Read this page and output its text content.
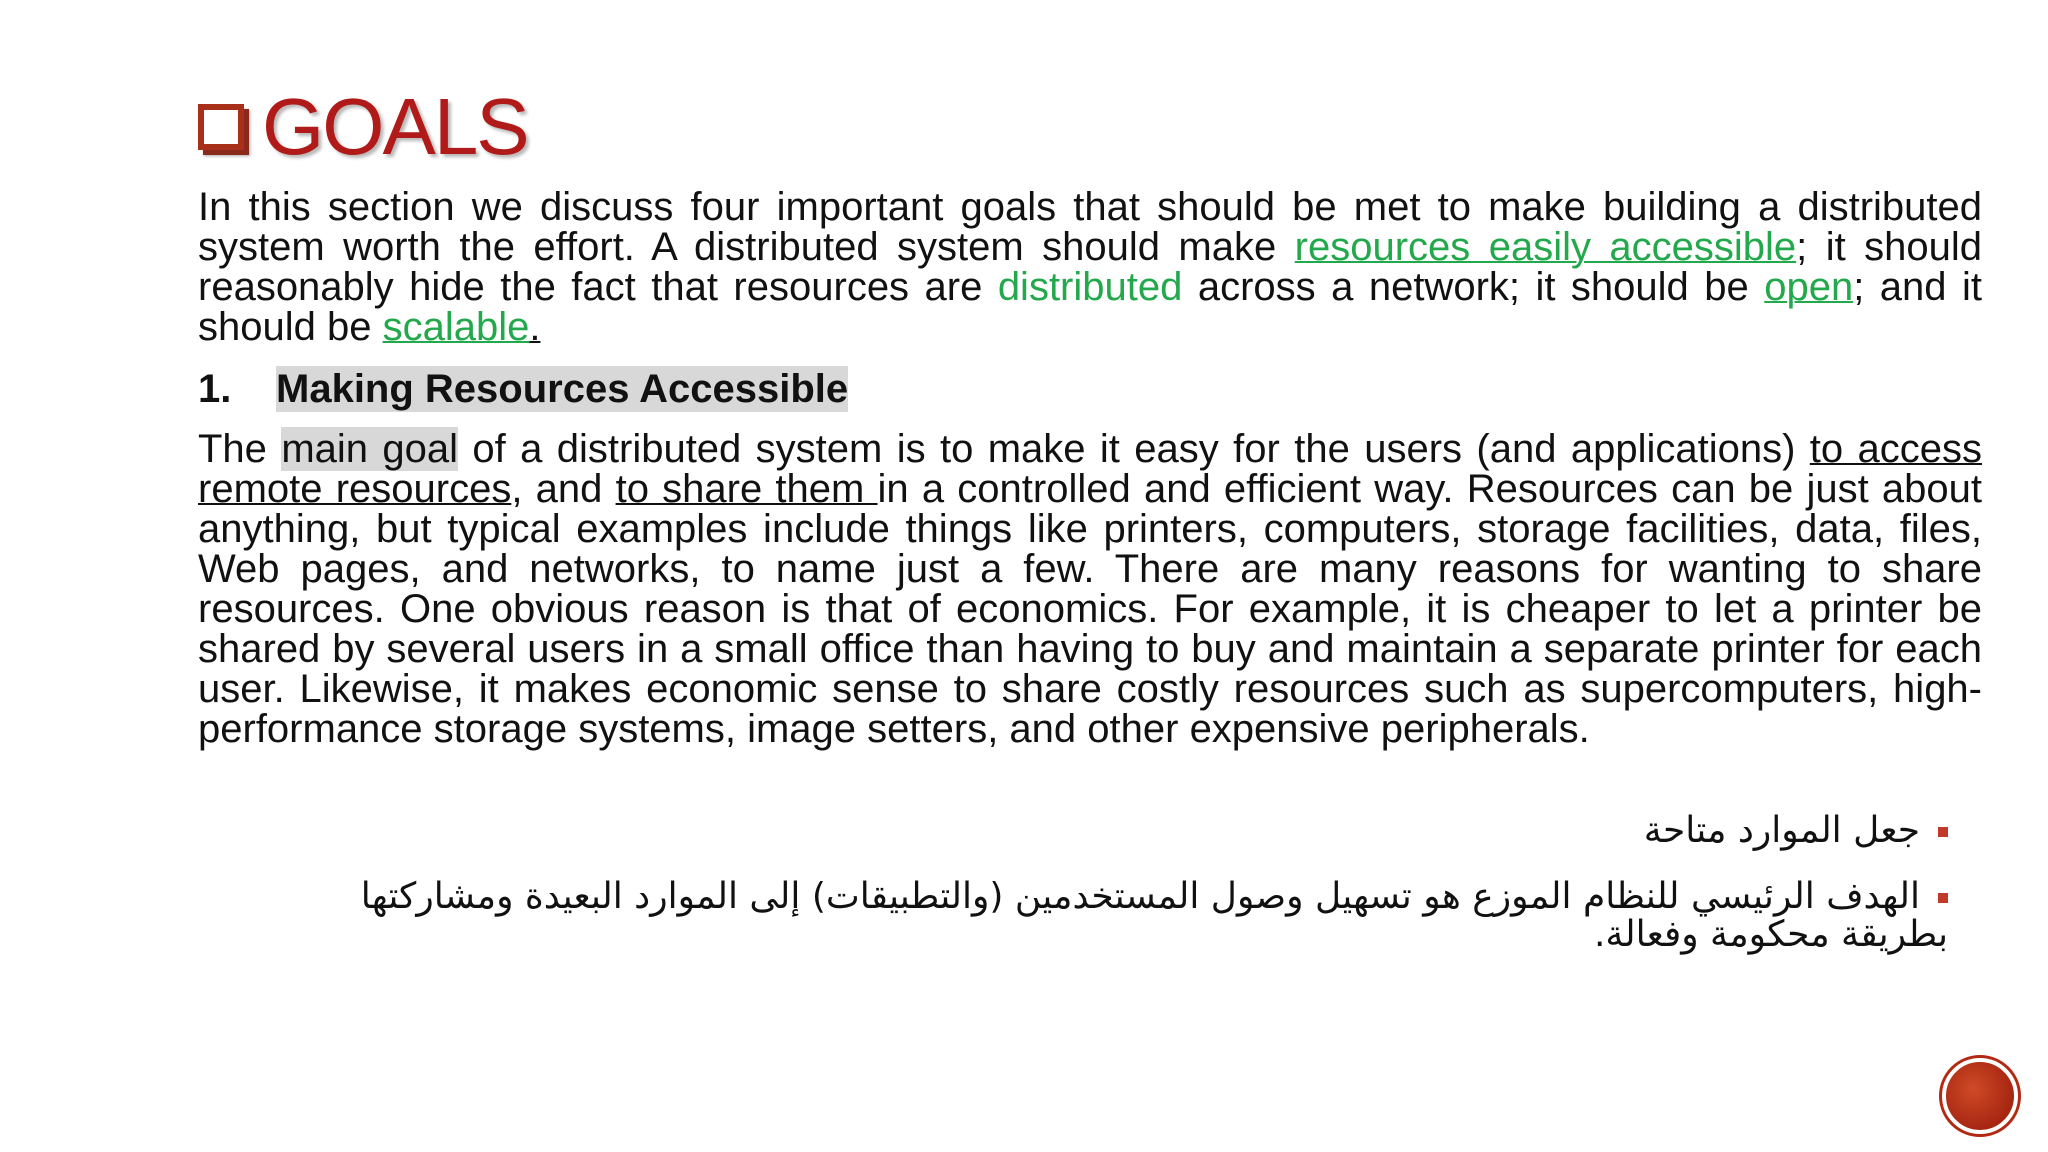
GOALS
In this section we discuss four important goals that should be met to make building a distributed system worth the effort. A distributed system should make resources easily accessible; it should reasonably hide the fact that resources are distributed across a network; it should be open; and it should be scalable.
1.	Making Resources Accessible
The main goal of a distributed system is to make it easy for the users (and applications) to access remote resources, and to share them in a controlled and efficient way. Resources can be just about anything, but typical examples include things like printers, computers, storage facilities, data, files, Web pages, and networks, to name just a few. There are many reasons for wanting to share resources. One obvious reason is that of economics. For example, it is cheaper to let a printer be shared by several users in a small office than having to buy and maintain a separate printer for each user. Likewise, it makes economic sense to share costly resources such as supercomputers, high-performance storage systems, image setters, and other expensive peripherals.
جعل الموارد متاحة
الهدف الرئيسي للنظام الموزع هو تسهيل وصول المستخدمين (والتطبيقات) إلى الموارد البعيدة ومشاركتها بطريقة محكومة وفعالة.
